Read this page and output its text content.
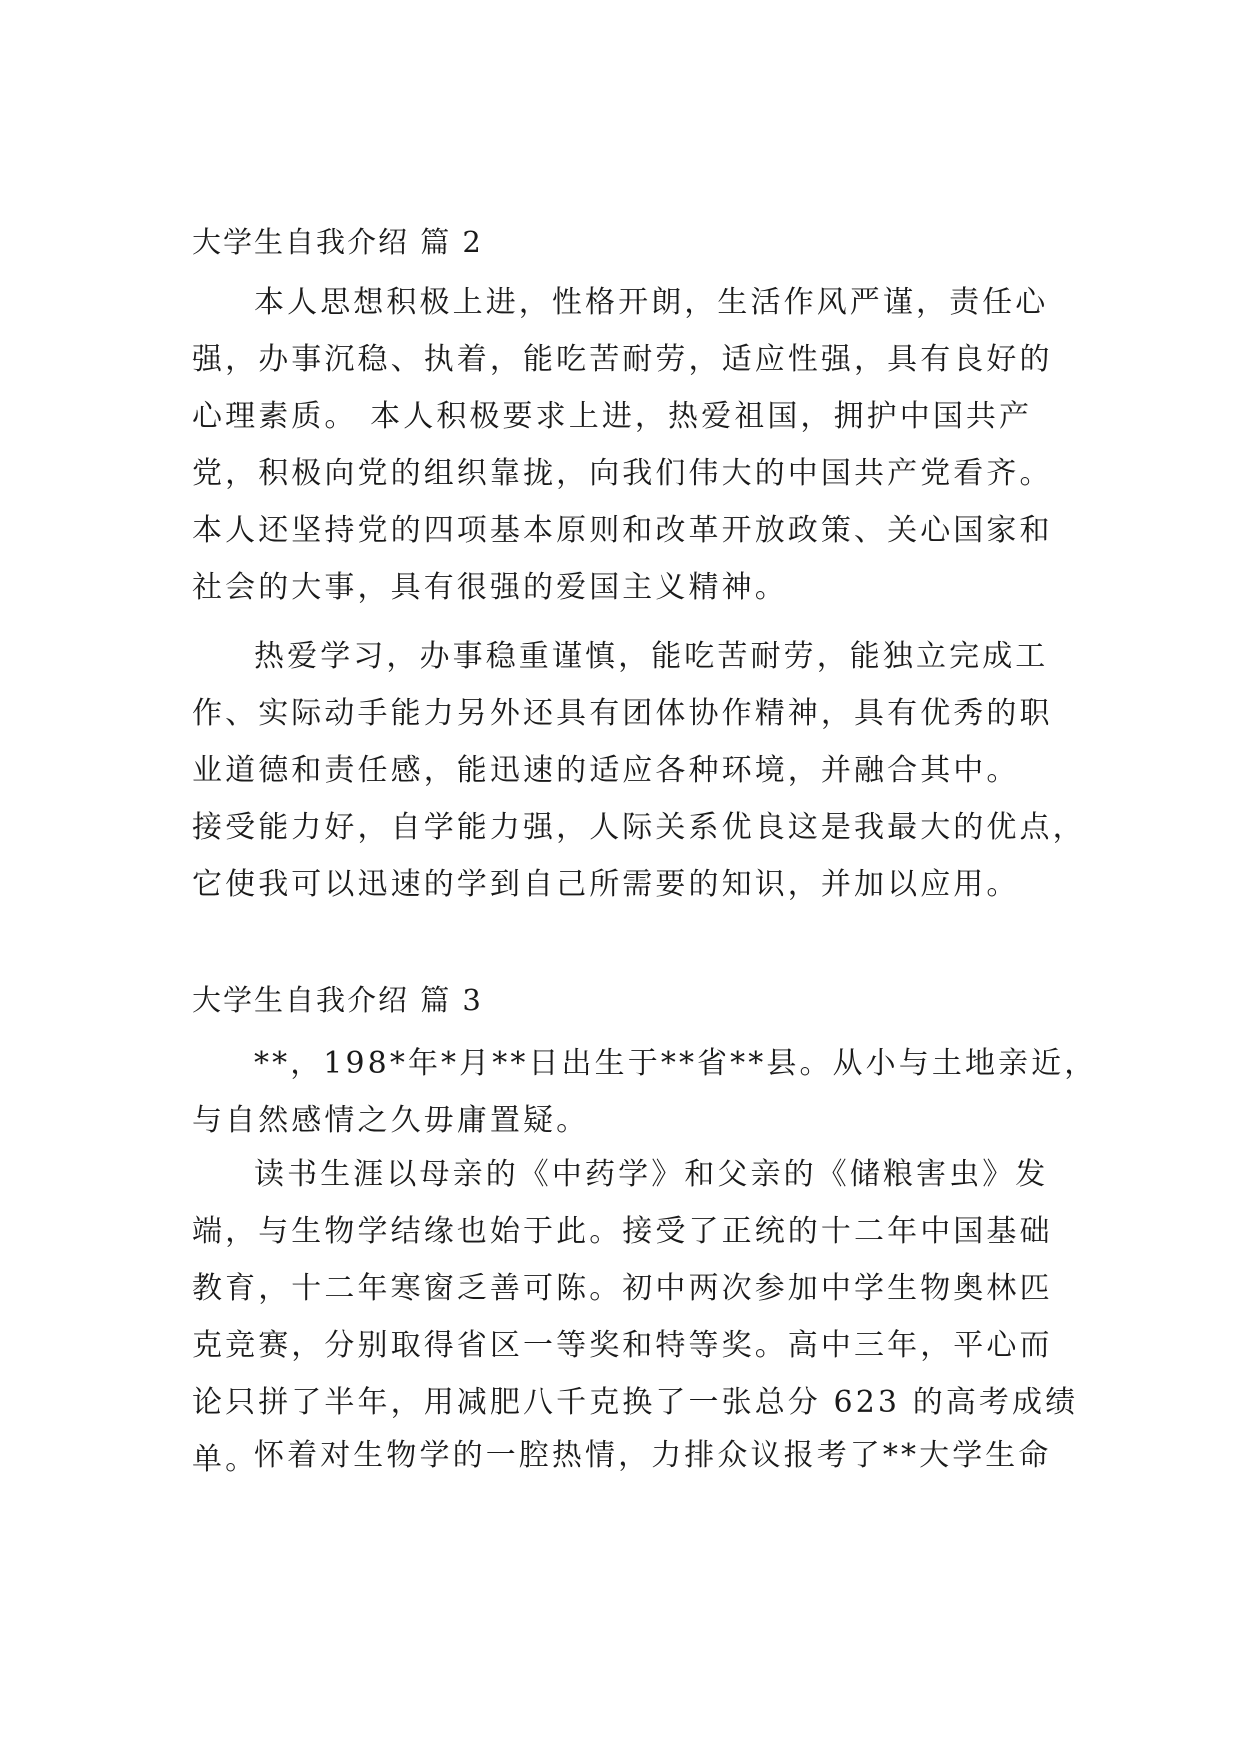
大学生自我介绍 篇 2
本人思想积极上进，性格开朗，生活作风严谨，责任心
强，办事沉稳、执着，能吃苦耐劳，适应性强，具有良好的
心理素质。 本人积极要求上进，热爱祖国，拥护中国共产
党，积极向党的组织靠拢，向我们伟大的中国共产党看齐。
本人还坚持党的四项基本原则和改革开放政策、关心国家和
社会的大事，具有很强的爱国主义精神。
热爱学习，办事稳重谨慎，能吃苦耐劳，能独立完成工
作、实际动手能力另外还具有团体协作精神，具有优秀的职
业道德和责任感，能迅速的适应各种环境，并融合其中。
接受能力好，自学能力强，人际关系优良这是我最大的优点，
它使我可以迅速的学到自己所需要的知识，并加以应用。
大学生自我介绍 篇 3
**，198*年*月**日出生于**省**县。从小与土地亲近，
与自然感情之久毋庸置疑。
读书生涯以母亲的《中药学》和父亲的《储粮害虫》发
端，与生物学结缘也始于此。接受了正统的十二年中国基础
教育，十二年寒窗乏善可陈。初中两次参加中学生物奥林匹
克竞赛，分别取得省区一等奖和特等奖。高中三年，平心而
论只拼了半年，用减肥八千克换了一张总分 623 的高考成绩
单。
怀着对生物学的一腔热情，力排众议报考了**大学生命
